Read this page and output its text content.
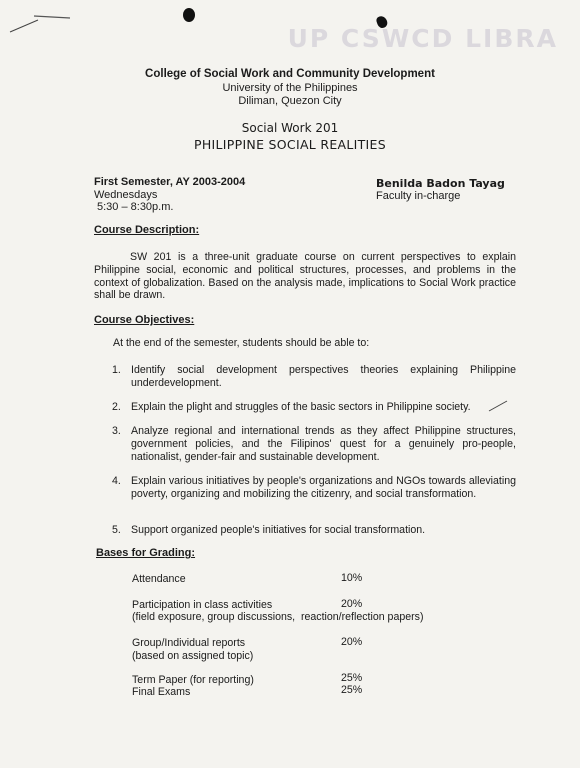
UP CSWCD LIBRA
College of Social Work and Community Development
University of the Philippines
Diliman, Quezon City
Social Work 201
PHILIPPINE SOCIAL REALITIES
First Semester, AY 2003-2004
Wednesdays
5:30 – 8:30p.m.
Benilda Badon Tayag
Faculty in-charge
Course Description:
SW 201 is a three-unit graduate course on current perspectives to explain Philippine social, economic and political structures, processes, and problems in the context of globalization. Based on the analysis made, implications to Social Work practice shall be drawn.
Course Objectives:
At the end of the semester, students should be able to:
1. Identify social development perspectives theories explaining Philippine underdevelopment.
2. Explain the plight and struggles of the basic sectors in Philippine society.
3. Analyze regional and international trends as they affect Philippine structures, government policies, and the Filipinos' quest for a genuinely pro-people, nationalist, gender-fair and sustainable development.
4. Explain various initiatives by people's organizations and NGOs towards alleviating poverty, organizing and mobilizing the citizenry, and social transformation.
5. Support organized people's initiatives for social transformation.
Bases for Grading:
Attendance	10%
Participation in class activities	20%
(field exposure, group discussions,  reaction/reflection papers)
Group/Individual reports	20%
(based on assigned topic)
Term Paper (for reporting)	25%
Final Exams	25%
